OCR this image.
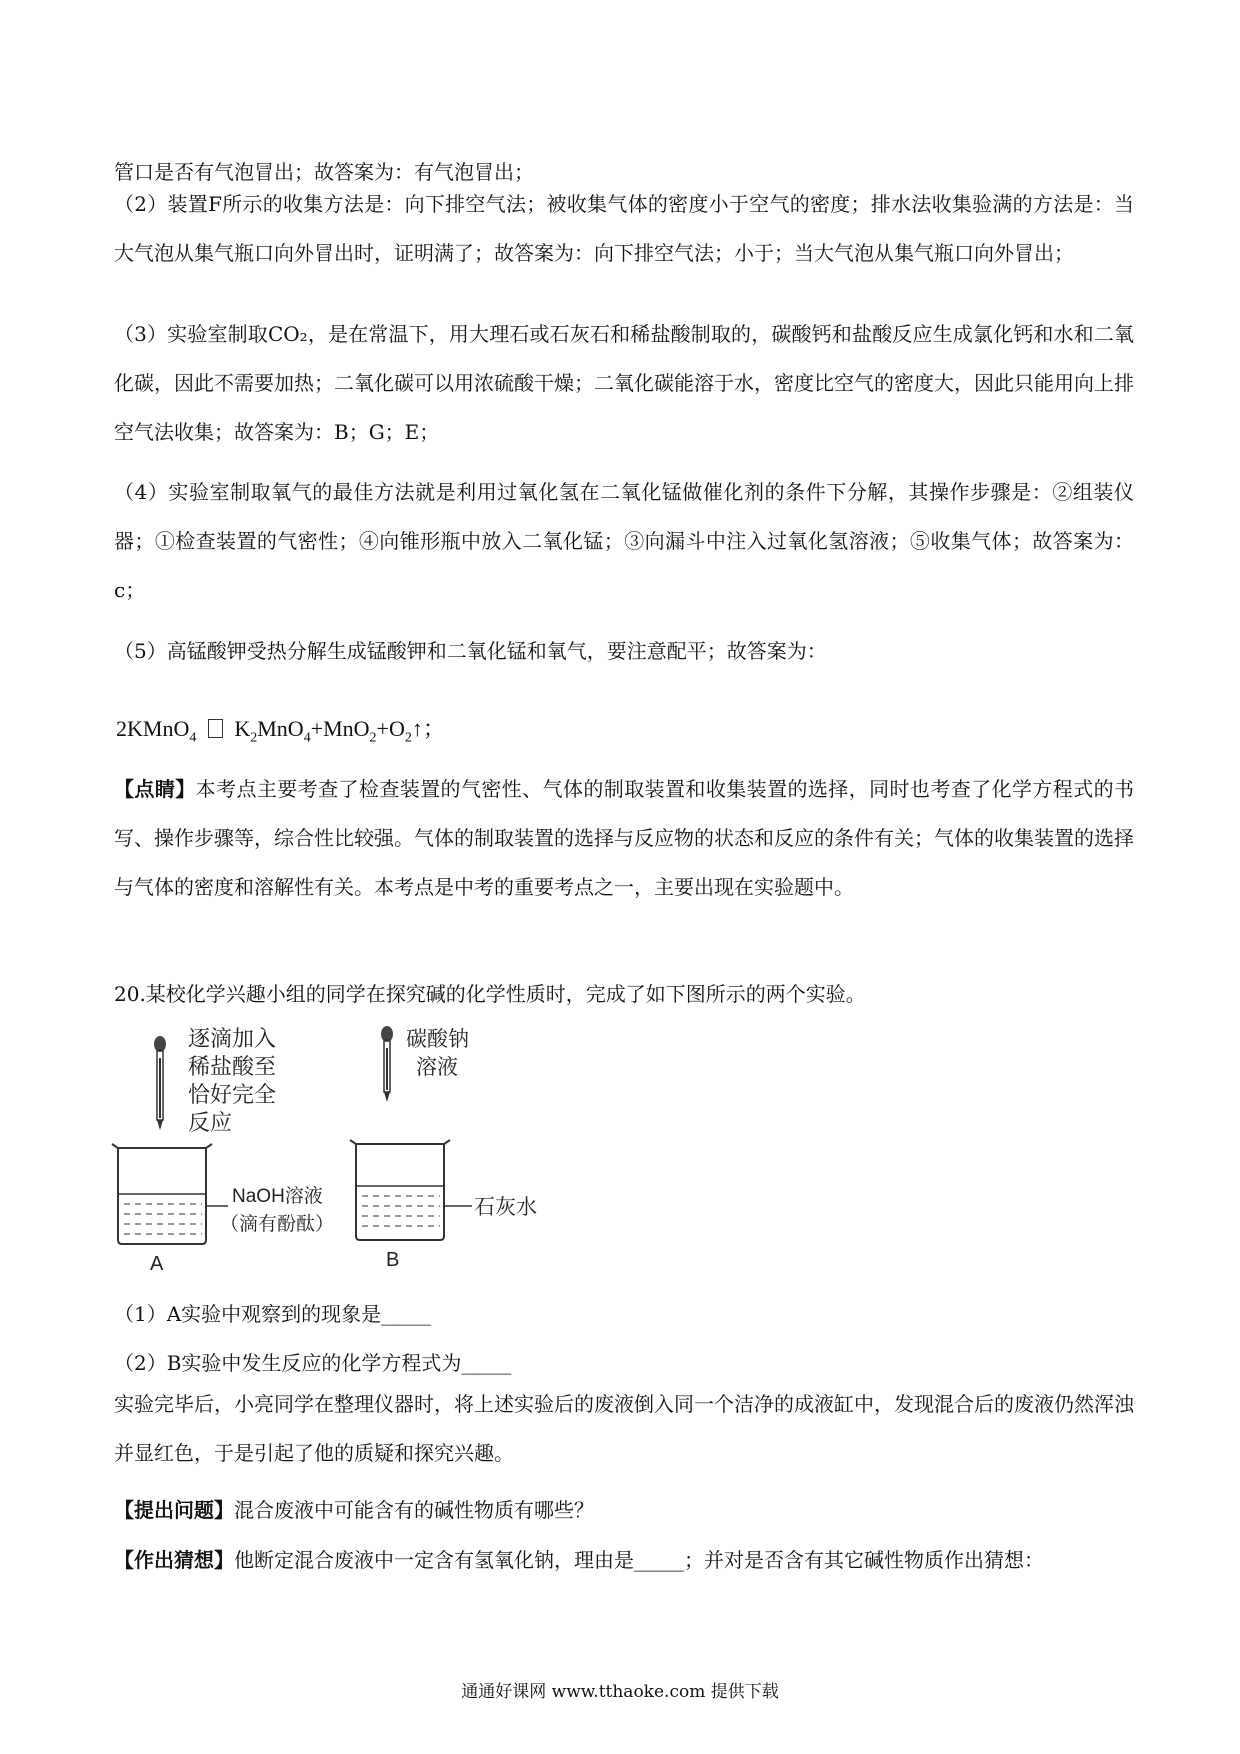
管口是否有气泡冒出；故答案为：有气泡冒出；
（2）装置F所示的收集方法是：向下排空气法；被收集气体的密度小于空气的密度；排水法收集验满的方法是：当大气泡从集气瓶口向外冒出时，证明满了；故答案为：向下排空气法；小于；当大气泡从集气瓶口向外冒出；
（3）实验室制取CO₂，是在常温下，用大理石或石灰石和稀盐酸制取的，碳酸钙和盐酸反应生成氯化钙和水和二氧化碳，因此不需要加热；二氧化碳可以用浓硫酸干燥；二氧化碳能溶于水，密度比空气的密度大，因此只能用向上排空气法收集；故答案为：B；G；E；
（4）实验室制取氧气的最佳方法就是利用过氧化氢在二氧化锰做催化剂的条件下分解，其操作步骤是：②组装仪器；①检查装置的气密性；④向锥形瓶中放入二氧化锰；③向漏斗中注入过氧化氢溶液；⑤收集气体；故答案为：c；
（5）高锰酸钾受热分解生成锰酸钾和二氧化锰和氧气，要注意配平；故答案为：
2KMnO$_4$ $K_2MnO_4+MnO_2+O_2↑$；
【点睛】本考点主要考查了检查装置的气密性、气体的制取装置和收集装置的选择，同时也考查了化学方程式的书写、操作步骤等，综合性比较强。气体的制取装置的选择与反应物的状态和反应的条件有关；气体的收集装置的选择与气体的密度和溶解性有关。本考点是中考的重要考点之一，主要出现在实验题中。
20.某校化学兴趣小组的同学在探究碱的化学性质时，完成了如下图所示的两个实验。
逐滴加入
稀盐酸至
恰好完全
反应
NaOH溶液
（滴有酚酞）
A
碳酸钠
溶液
石灰水
B
（1）A实验中观察到的现象是_____
（2）B实验中发生反应的化学方程式为_____
实验完毕后，小亮同学在整理仪器时，将上述实验后的废液倒入同一个洁净的成液缸中，发现混合后的废液仍然浑浊并显红色，于是引起了他的质疑和探究兴趣。
【提出问题】混合废液中可能含有的碱性物质有哪些？
【作出猜想】他断定混合废液中一定含有氢氧化钠，理由是_____；并对是否含有其它碱性物质作出猜想：
通通好课网 www.tthaoke.com 提供下载
